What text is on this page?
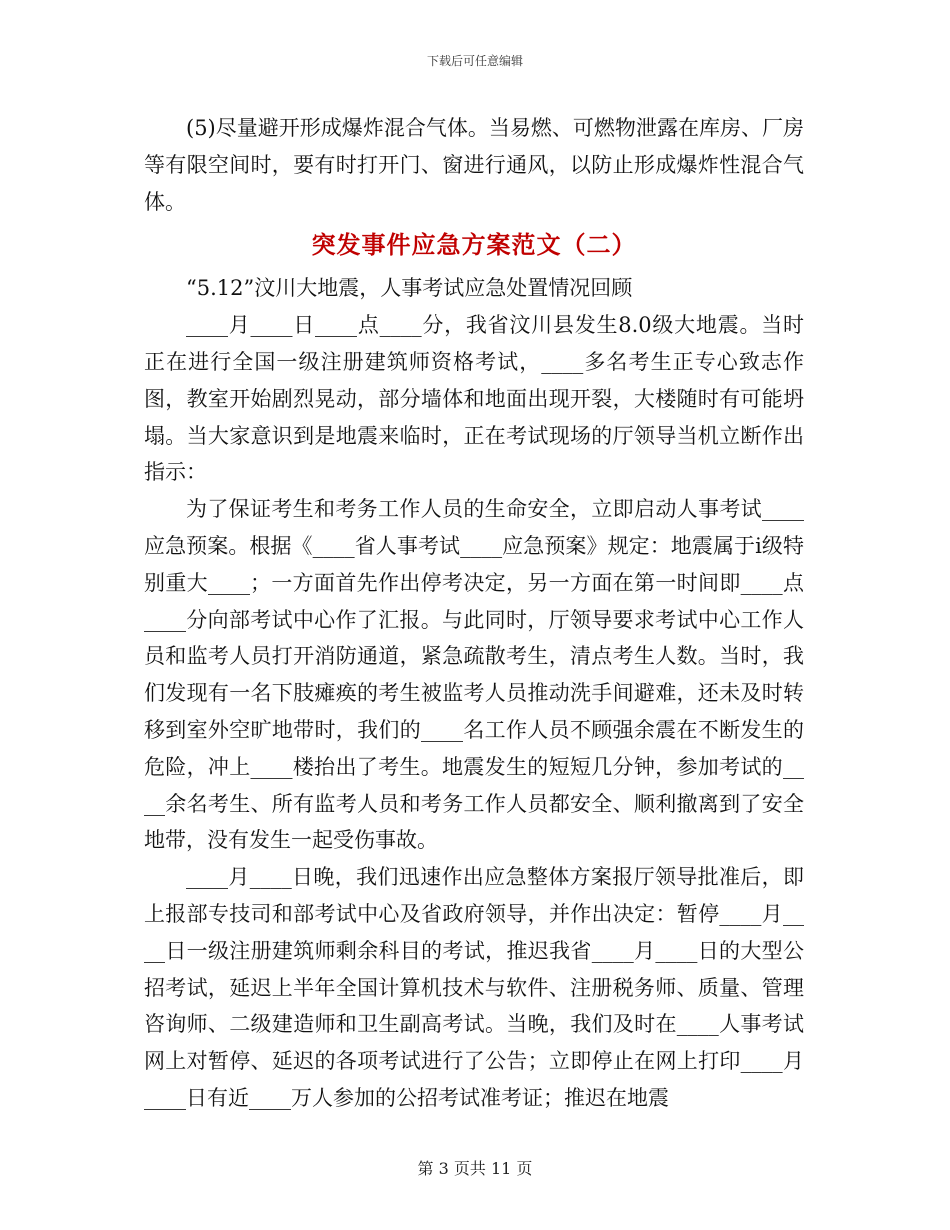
下载后可任意编辑

(5)尽量避开形成爆炸混合气体。当易燃、可燃物泄露在库房、厂房等有限空间时，要有时打开门、窗进行通风，以防止形成爆炸性混合气体。

突发事件应急方案范文（二）

“5.12”汶川大地震，人事考试应急处置情况回顾

____月____日____点____分，我省汶川县发生8.0级大地震。当时正在进行全国一级注册建筑师资格考试，____多名考生正专心致志作图，教室开始剧烈晃动，部分墙体和地面出现开裂，大楼随时有可能坍塌。当大家意识到是地震来临时，正在考试现场的厅领导当机立断作出指示：

为了保证考生和考务工作人员的生命安全，立即启动人事考试____应急预案。根据《____省人事考试____应急预案》规定：地震属于ⅰ级特别重大____；一方面首先作出停考决定，另一方面在第一时间即____点____分向部考试中心作了汇报。与此同时，厅领导要求考试中心工作人员和监考人员打开消防通道，紧急疏散考生，清点考生人数。当时，我们发现有一名下肢瘫痪的考生被监考人员推动洗手间避难，还未及时转移到室外空旷地带时，我们的____名工作人员不顾强余震在不断发生的危险，冲上____楼抬出了考生。地震发生的短短几分钟，参加考试的____余名考生、所有监考人员和考务工作人员都安全、顺利撤离到了安全地带，没有发生一起受伤事故。

____月____日晚，我们迅速作出应急整体方案报厅领导批准后，即上报部专技司和部考试中心及省政府领导，并作出决定：暂停____月____日一级注册建筑师剩余科目的考试，推迟我省____月____日的大型公招考试，延迟上半年全国计算机技术与软件、注册税务师、质量、管理咨询师、二级建造师和卫生副高考试。当晚，我们及时在____人事考试网上对暂停、延迟的各项考试进行了公告；立即停止在网上打印____月____日有近____万人参加的公招考试准考证；推迟在地震

第 3 页共 11 页
